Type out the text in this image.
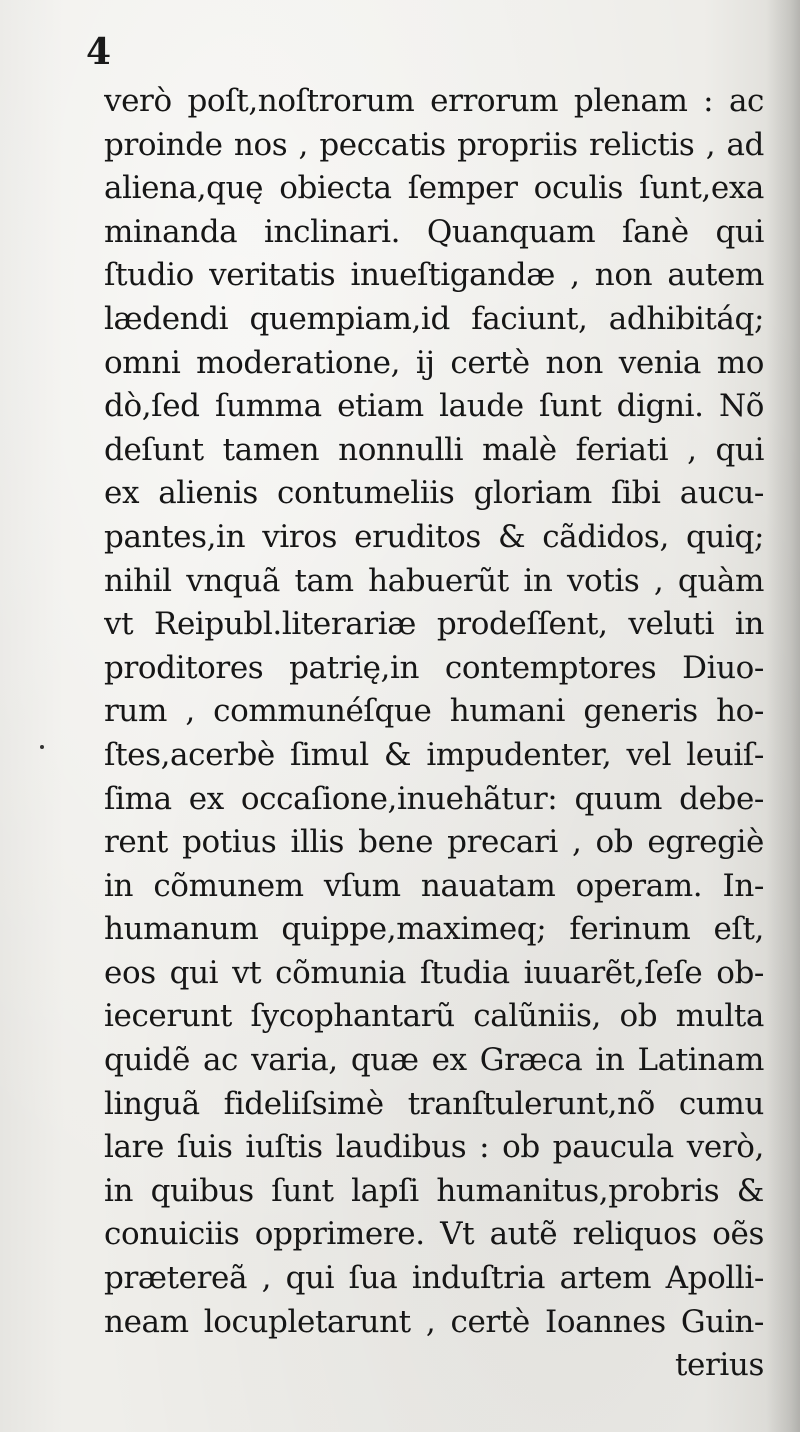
4
verò poſt,noſtrorum errorum plenam : ac
proinde nos , peccatis propriis relictis , ad
aliena,quę obiecta ſemper oculis ſunt,exa
minanda inclinari. Quanquam ſanè qui
ſtudio veritatis inueſtigandæ , non autem
lædendi quempiam,id faciunt, adhibitáq;
omni moderatione, ij certè non venia mo
dò,ſed ſumma etiam laude ſunt digni. Nõ
deſunt tamen nonnulli malè feriati , qui
ex alienis contumeliis gloriam ſibi aucu-
pantes,in viros eruditos & cãdidos, quiq;
nihil vnquã tam habuerũt in votis , quàm
vt Reipubl.literariæ prodeſſent, veluti in
proditores patrię,in contemptores Diuo-
rum , communéſque humani generis ho-
ſtes,acerbè ſimul & impudenter, vel leuiſ-
ſima ex occaſione,inuehãtur: quum debe-
rent potius illis bene precari , ob egregiè
in cõmunem vſum nauatam operam. In-
humanum quippe,maximeq; ferinum eſt,
eos qui vt cõmunia ſtudia iuuarẽt,ſeſe ob-
iecerunt ſycophantarũ calũniis, ob multa
quidẽ ac varia, quæ ex Græca in Latinam
linguã fideliſsimè tranſtulerunt,nõ cumu
lare ſuis iuſtis laudibus : ob paucula verò,
in quibus ſunt lapſi humanitus,probris &
conuiciis opprimere. Vt autẽ reliquos oẽs
prætereã , qui ſua induſtria artem Apolli-
neam locupletarunt , certè Ioannes Guin-
terius
